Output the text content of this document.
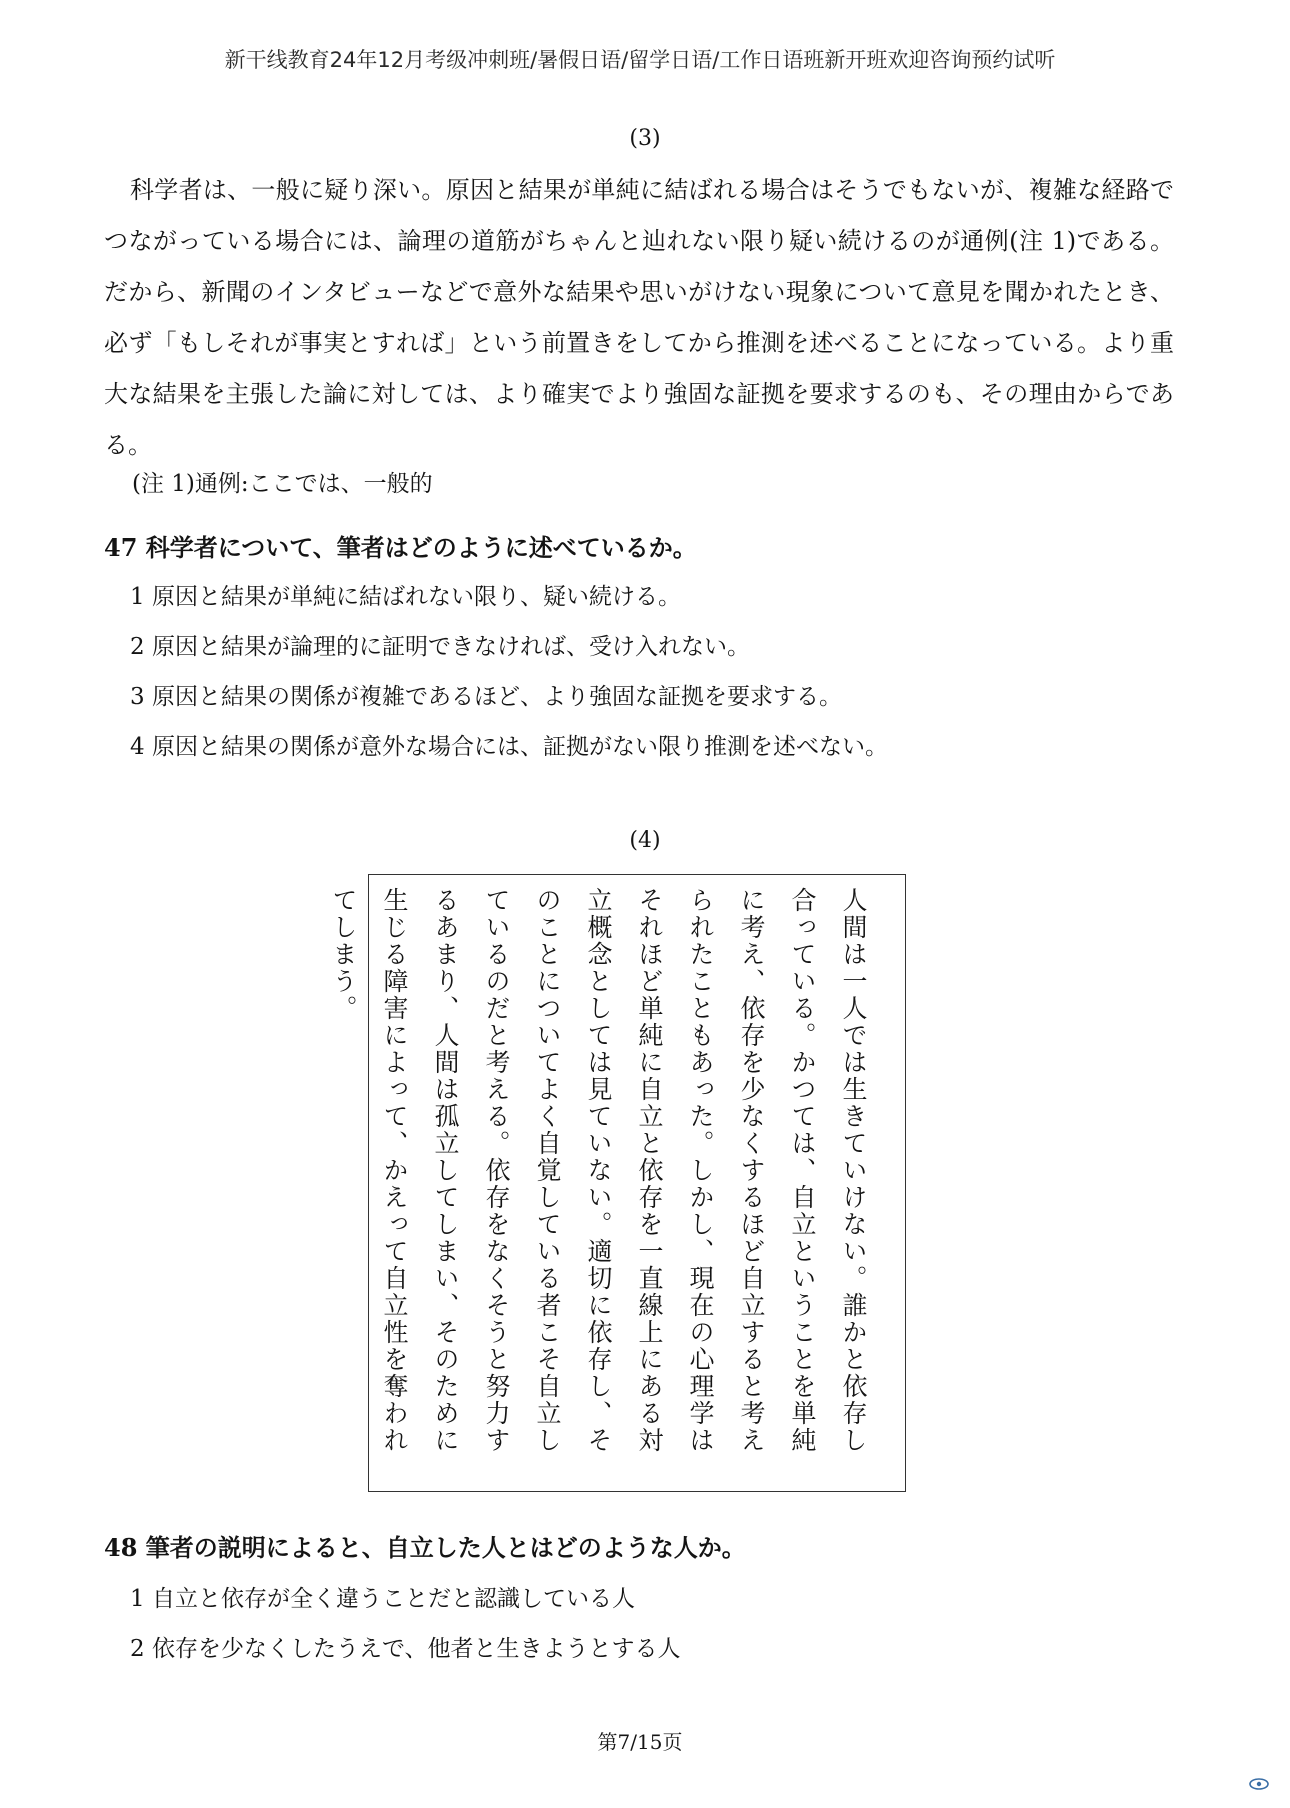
新干线教育24年12月考级冲刺班/暑假日语/留学日语/工作日语班新开班欢迎咨询预约试听
(3)

科学者は、一般に疑り深い。原因と結果が単純に結ばれる場合はそうでもないが、複雑な経路でつながっている場合には、論理の道筋がちゃんと辿れない限り疑い続けるのが通例(注 1)である。だから、新聞のインタビューなどで意外な結果や思いがけない現象について意見を聞かれたとき、必ず「もしそれが事実とすれば」という前置きをしてから推測を述べることになっている。より重大な結果を主張した論に対しては、より確実でより強固な証拠を要求するのも、その理由からである。

(注 1)通例:ここでは、一般的
47 科学者について、筆者はどのように述べているか。
1 原因と結果が単純に結ばれない限り、疑い続ける。
2 原因と結果が論理的に証明できなければ、受け入れない。
3 原因と結果の関係が複雑であるほど、より強固な証拠を要求する。
4 原因と結果の関係が意外な場合には、証拠がない限り推測を述べない。
(4)

人間は一人では生きていけない。誰かと依存し合っている。かつては、自立ということを単純に考え、依存を少なくするほど自立すると考えられたこともあった。しかし、現在の心理学はそれほど単純に自立と依存を一直線上にある対立概念としては見ていない。適切に依存し、そのことについてよく自覚している者こそ自立しているのだと考える。依存をなくそうと努力するあまり、人間は孤立してしまい、そのために生じる障害によって、かえって自立性を奪われてしまう。

48 筆者の説明によると、自立した人とはどのような人か。
1 自立と依存が全く違うことだと認識している人
2 依存を少なくしたうえで、他者と生きようとする人
第7/15页
